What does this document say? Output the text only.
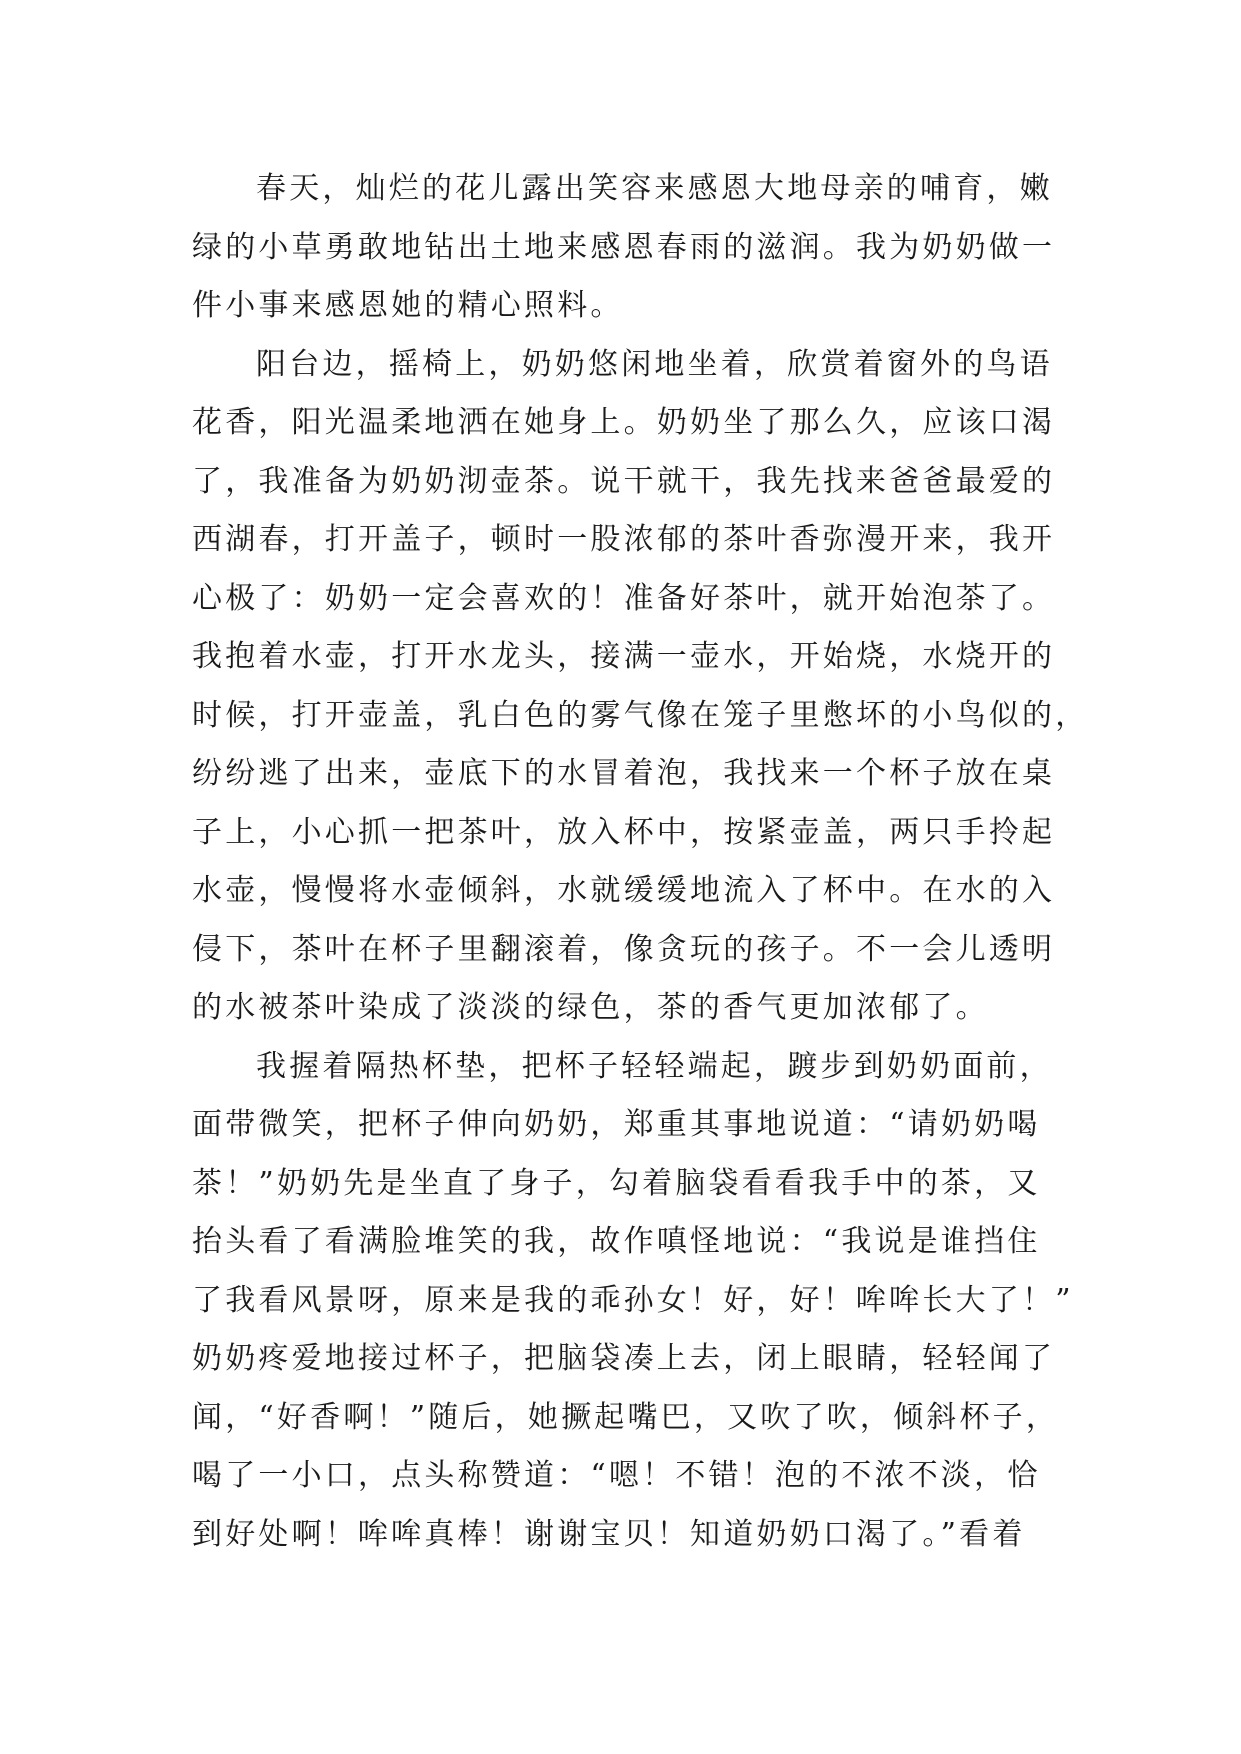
春天，灿烂的花儿露出笑容来感恩大地母亲的哺育，嫩
绿的小草勇敢地钻出土地来感恩春雨的滋润。我为奶奶做一
件小事来感恩她的精心照料。
阳台边，摇椅上，奶奶悠闲地坐着，欣赏着窗外的鸟语
花香，阳光温柔地洒在她身上。奶奶坐了那么久，应该口渴
了，我准备为奶奶沏壶茶。说干就干，我先找来爸爸最爱的
西湖春，打开盖子，顿时一股浓郁的茶叶香弥漫开来，我开
心极了：奶奶一定会喜欢的！准备好茶叶，就开始泡茶了。
我抱着水壶，打开水龙头，接满一壶水，开始烧，水烧开的
时候，打开壶盖，乳白色的雾气像在笼子里憋坏的小鸟似的，
纷纷逃了出来，壶底下的水冒着泡，我找来一个杯子放在桌
子上，小心抓一把茶叶，放入杯中，按紧壶盖，两只手拎起
水壶，慢慢将水壶倾斜，水就缓缓地流入了杯中。在水的入
侵下，茶叶在杯子里翻滚着，像贪玩的孩子。不一会儿透明
的水被茶叶染成了淡淡的绿色，茶的香气更加浓郁了。
我握着隔热杯垫，把杯子轻轻端起，踱步到奶奶面前，
面带微笑，把杯子伸向奶奶，郑重其事地说道：“请奶奶喝
茶！”奶奶先是坐直了身子，勾着脑袋看看我手中的茶，又
抬头看了看满脸堆笑的我，故作嗔怪地说：“我说是谁挡住
了我看风景呀，原来是我的乖孙女！好，好！哞哞长大了！”
奶奶疼爱地接过杯子，把脑袋凑上去，闭上眼睛，轻轻闻了
闻，“好香啊！”随后，她撅起嘴巴，又吹了吹，倾斜杯子，
喝了一小口，点头称赞道：“嗯！不错！泡的不浓不淡，恰
到好处啊！哞哞真棒！谢谢宝贝！知道奶奶口渴了。”看着
